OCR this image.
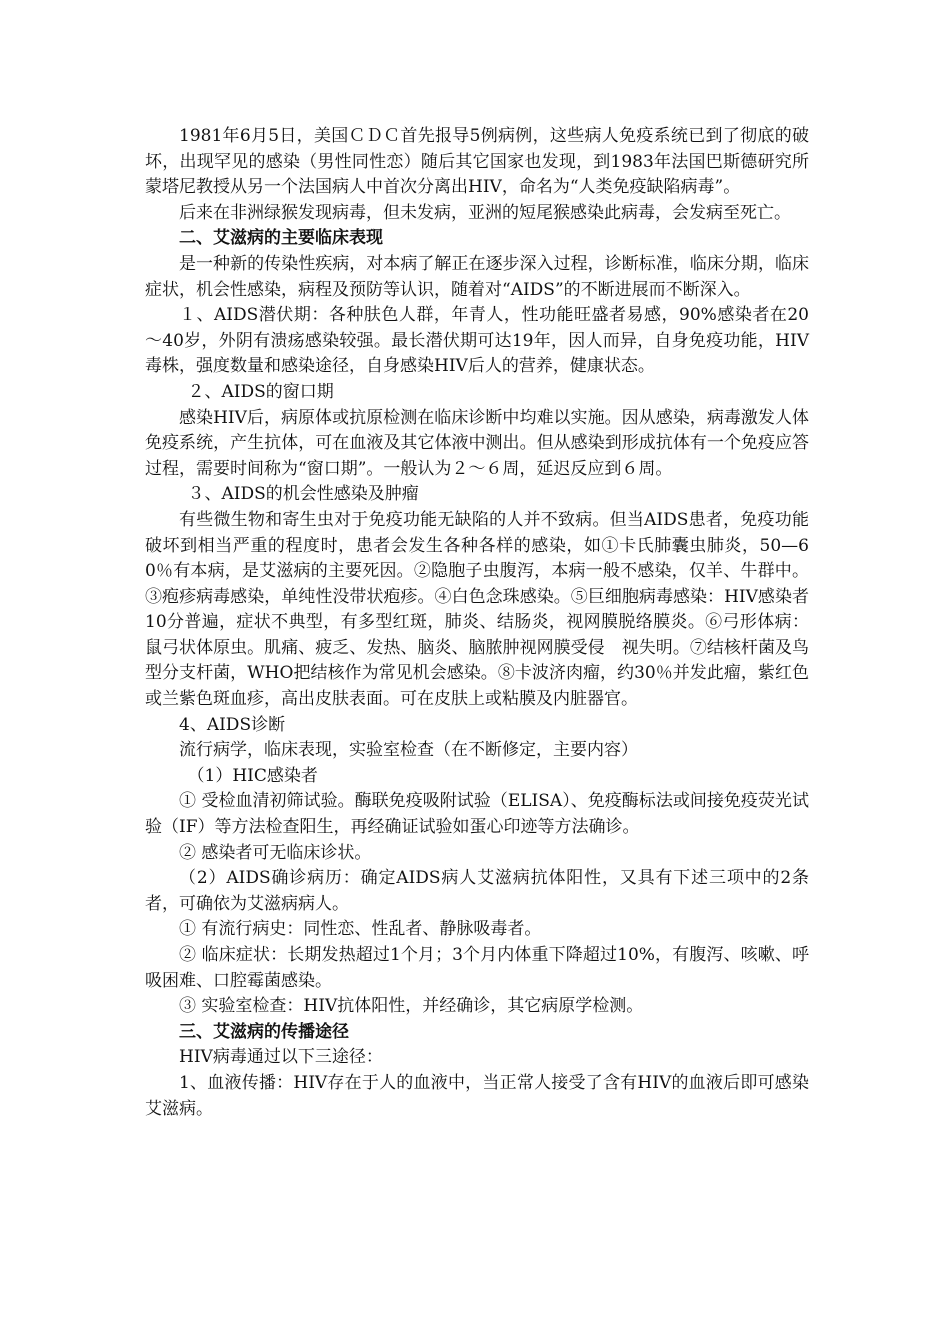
1981年6月5日，美国ＣＤＣ首先报导5例病例，这些病人免疫系统已到了彻底的破坏，出现罕见的感染（男性同性恋）随后其它国家也发现，到1983年法国巴斯德研究所蒙塔尼教授从另一个法国病人中首次分离出HIV，命名为“人类免疫缺陷病毒”。

后来在非洲绿猴发现病毒，但未发病，亚洲的短尾猴感染此病毒，会发病至死亡。

二、艾滋病的主要临床表现

是一种新的传染性疾病，对本病了解正在逐步深入过程，诊断标准，临床分期，临床症状，机会性感染，病程及预防等认识，随着对“AIDS”的不断进展而不断深入。

１、AIDS潜伏期：各种肤色人群，年青人，性功能旺盛者易感，90%感染者在20～40岁，外阴有溃疡感染较强。最长潜伏期可达19年，因人而异，自身免疫功能，HIV毒株，强度数量和感染途径，自身感染HIV后人的营养，健康状态。

２、AIDS的窗口期

感染HIV后，病原体或抗原检测在临床诊断中均难以实施。因从感染，病毒激发人体免疫系统，产生抗体，可在血液及其它体液中测出。但从感染到形成抗体有一个免疫应答过程，需要时间称为“窗口期”。一般认为２～６周，延迟反应到６周。

３、AIDS的机会性感染及肿瘤

有些微生物和寄生虫对于免疫功能无缺陷的人并不致病。但当AIDS患者，免疫功能破坏到相当严重的程度时，患者会发生各种各样的感染，如①卡氏肺囊虫肺炎，50—60％有本病，是艾滋病的主要死因。②隐胞子虫腹泻，本病一般不感染，仅羊、牛群中。③疱疹病毒感染，单纯性没带状疱疹。④白色念珠感染。⑤巨细胞病毒感染：HIV感染者10分普遍，症状不典型，有多型红斑，肺炎、结肠炎，视网膜脱络膜炎。⑥弓形体病：鼠弓状体原虫。肌痛、疲乏、发热、脑炎、脑脓肿视网膜受侵　视失明。⑦结核杆菌及鸟型分支杆菌，WHO把结核作为常见机会感染。⑧卡波济肉瘤，约30％并发此瘤，紫红色或兰紫色斑血疹，高出皮肤表面。可在皮肤上或粘膜及内脏器官。

4、AIDS诊断

流行病学，临床表现，实验室检查（在不断修定，主要内容）

（1）HIC感染者

① 受检血清初筛试验。酶联免疫吸附试验（ELISA）、免疫酶标法或间接免疫荧光试验（IF）等方法检查阳生，再经确证试验如蛋心印迹等方法确诊。

② 感染者可无临床诊状。

（2）AIDS确诊病历：确定AIDS病人艾滋病抗体阳性，又具有下述三项中的2条者，可确依为艾滋病病人。

① 有流行病史：同性恋、性乱者、静脉吸毒者。

② 临床症状：长期发热超过1个月；3个月内体重下降超过10%，有腹泻、咳嗽、呼吸困难、口腔霉菌感染。

③ 实验室检查：HIV抗体阳性，并经确诊，其它病原学检测。

三、艾滋病的传播途径

HIV病毒通过以下三途径：

1、血液传播：HIV存在于人的血液中，当正常人接受了含有HIV的血液后即可感染艾滋病。
